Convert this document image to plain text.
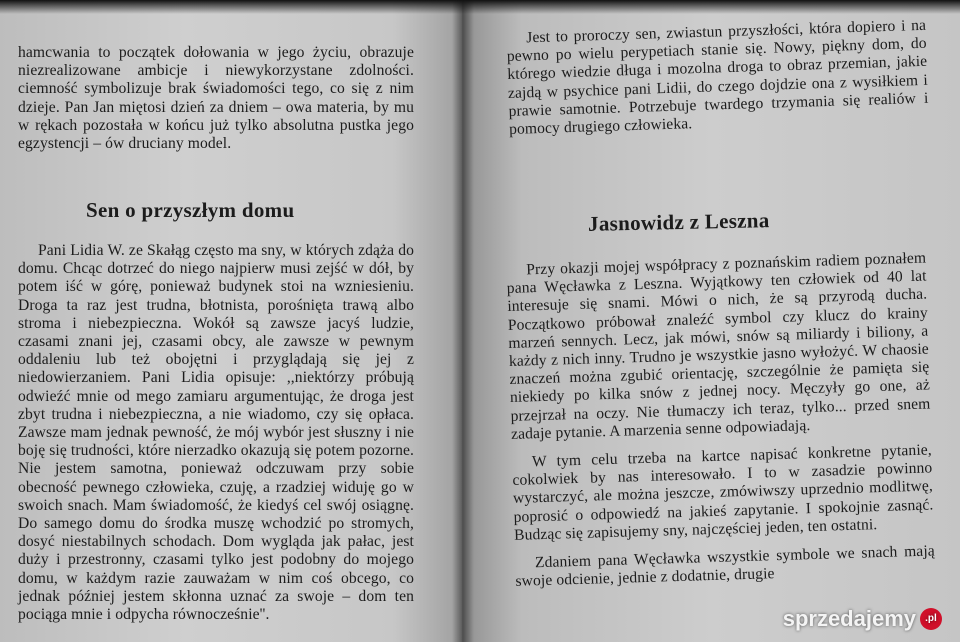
hamcwania to początek dołowania w jego życiu, obrazuje niezrealizowane ambicje i niewykorzystane zdolności. ciemność symbolizuje brak świadomości tego, co się z nim dzieje. Pan Jan miętosi dzień za dniem – owa materia, by mu w rękach pozostała w końcu już tylko absolutna pustka jego egzystencji – ów druciany model.

Sen o przyszłym domu

Pani Lidia W. ze Skałąg często ma sny, w których zdąża do domu. Chcąc dotrzeć do niego najpierw musi zejść w dół, by potem iść w górę, ponieważ budynek stoi na wzniesieniu. Droga ta raz jest trudna, błotnista, porośnięta trawą albo stroma i niebezpieczna. Wokół są zawsze jacyś ludzie, czasami znani jej, czasami obcy, ale zawsze w pewnym oddaleniu lub też obojętni i przyglądają się jej z niedowierzaniem. Pani Lidia opisuje: ,,niektórzy próbują odwieźć mnie od mego zamiaru argumentując, że droga jest zbyt trudna i niebezpieczna, a nie wiadomo, czy się opłaca. Zawsze mam jednak pewność, że mój wybór jest słuszny i nie boję się trudności, które nierzadko okazują się potem pozorne. Nie jestem samotna, ponieważ odczuwam przy sobie obecność pewnego człowieka, czuję, a rzadziej widuję go w swoich snach. Mam świadomość, że kiedyś cel swój osiągnę. Do samego domu do środka muszę wchodzić po stromych, dosyć niestabilnych schodach. Dom wygląda jak pałac, jest duży i przestronny, czasami tylko jest podobny do mojego domu, w każdym razie zauważam w nim coś obcego, co jednak później jestem skłonna uznać za swoje – dom ten pociąga mnie i odpycha równocześnie''.

Jest to proroczy sen, zwiastun przyszłości, która dopiero i na pewno po wielu perypetiach stanie się. Nowy, piękny dom, do którego wiedzie długa i mozolna droga to obraz przemian, jakie zajdą w psychice pani Lidii, do czego dojdzie ona z wysiłkiem i prawie samotnie. Potrzebuje twardego trzymania się realiów i pomocy drugiego człowieka.

Jasnowidz z Leszna

Przy okazji mojej współpracy z poznańskim radiem poznałem pana Węcławka z Leszna. Wyjątkowy ten człowiek od 40 lat interesuje się snami. Mówi o nich, że są przyrodą ducha. Początkowo próbował znaleźć symbol czy klucz do krainy marzeń sennych. Lecz, jak mówi, snów są miliardy i biliony, a każdy z nich inny. Trudno je wszystkie jasno wyłożyć. W chaosie znaczeń można zgubić orientację, szczególnie że pamięta się niekiedy po kilka snów z jednej nocy. Męczyły go one, aż przejrzał na oczy. Nie tłumaczy ich teraz, tylko... przed snem zadaje pytanie. A marzenia senne odpowiadają.

W tym celu trzeba na kartce napisać konkretne pytanie, cokolwiek by nas interesowało. I to w zasadzie powinno wystarczyć, ale można jeszcze, zmówiwszy uprzednio modlitwę, poprosić o odpowiedź na jakieś zapytanie. I spokojnie zasnąć. Budząc się zapisujemy sny, najczęściej jeden, ten ostatni.

Zdaniem pana Węcławka wszystkie symbole we snach mają swoje odcienie, jednie z dodatnie, drugie

sprzedajemy .pl
